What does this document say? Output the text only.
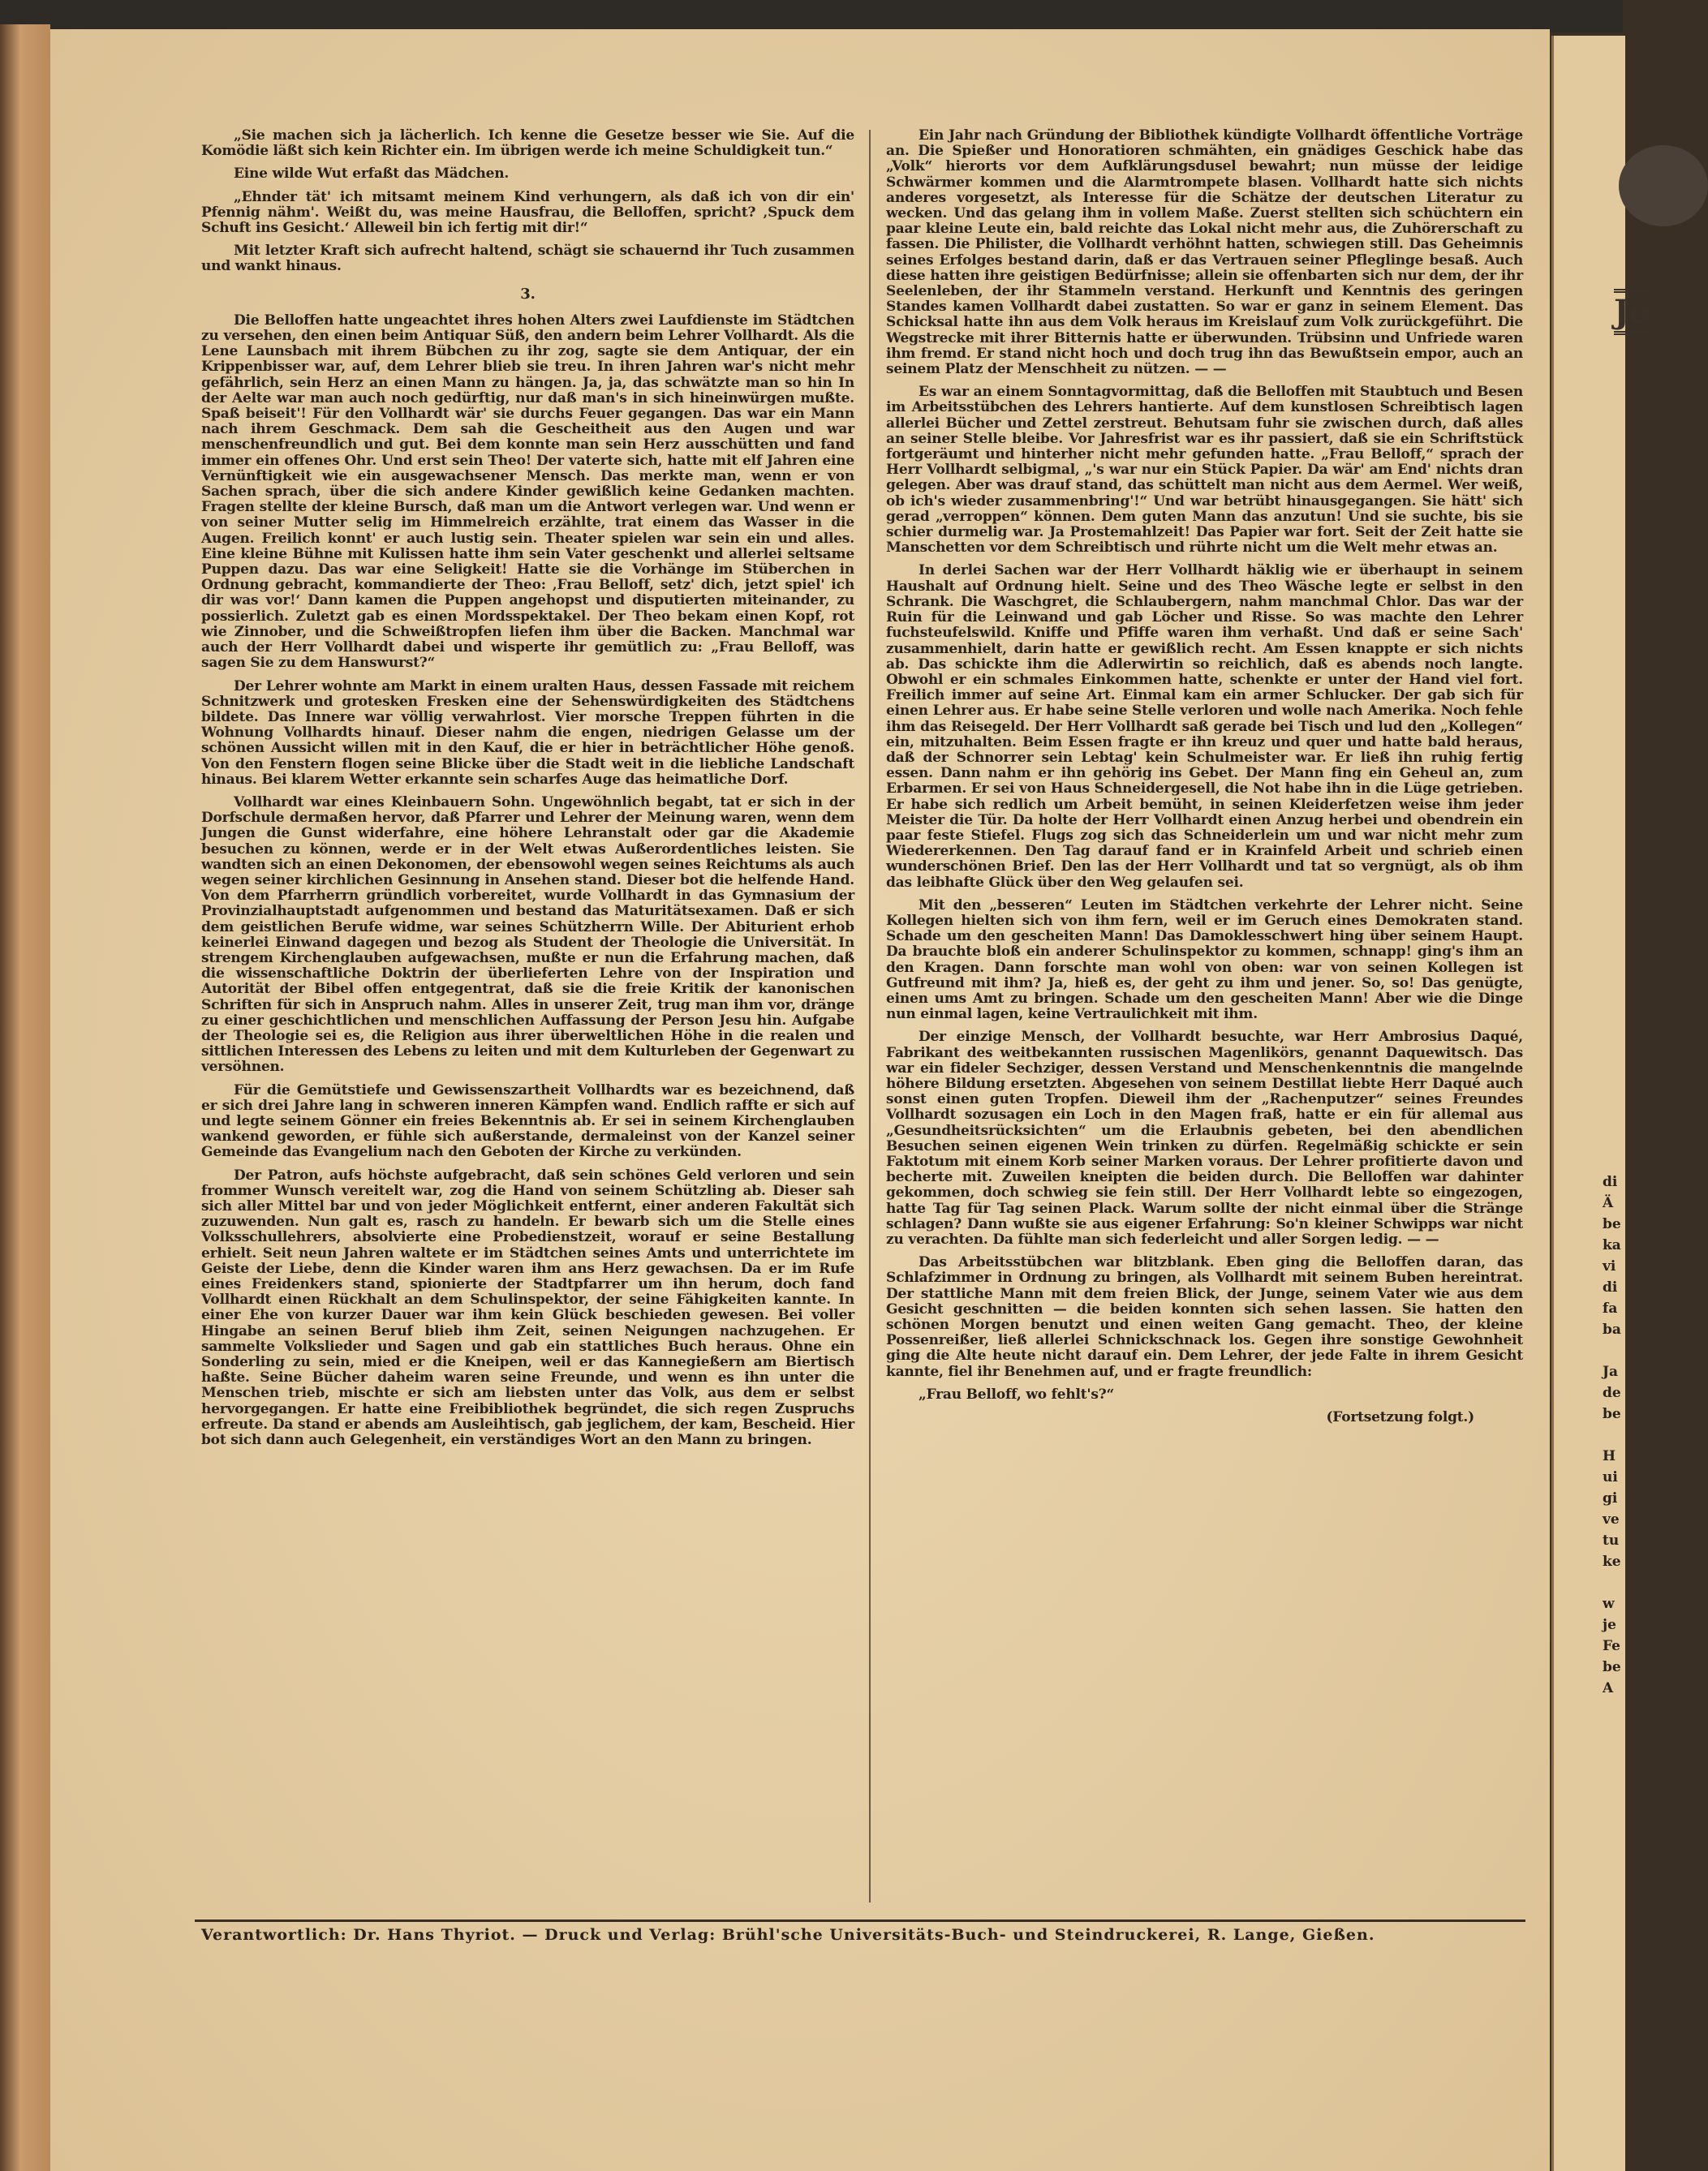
„Sie machen sich ja lächerlich. Ich kenne die Gesetze besser wie Sie. Auf die Komödie läßt sich kein Richter ein. Im übrigen werde ich meine Schuldigkeit tun.“

Eine wilde Wut erfaßt das Mädchen.

„Ehnder tät' ich mitsamt meinem Kind verhungern, als daß ich von dir ein' Pfennig nähm'. Weißt du, was meine Hausfrau, die Belloffen, spricht? ‚Spuck dem Schuft ins Gesicht.‘ Alleweil bin ich fertig mit dir!“

Mit letzter Kraft sich aufrecht haltend, schägt sie schauernd ihr Tuch zusammen und wankt hinaus.

3.

Die Belloffen hatte ungeachtet ihres hohen Alters zwei Laufdienste im Städtchen zu versehen, den einen beim Antiquar Süß, den andern beim Lehrer Vollhardt. Als die Lene Launsbach mit ihrem Bübchen zu ihr zog, sagte sie dem Antiquar, der ein Krippenbisser war, auf, dem Lehrer blieb sie treu. In ihren Jahren war's nicht mehr gefährlich, sein Herz an einen Mann zu hängen. Ja, ja, das schwätzte man so hin In der Aelte war man auch noch gedürftig, nur daß man's in sich hineinwürgen mußte. Spaß beiseit'! Für den Vollhardt wär' sie durchs Feuer gegangen. Das war ein Mann nach ihrem Geschmack. Dem sah die Gescheitheit aus den Augen und war menschenfreundlich und gut. Bei dem konnte man sein Herz ausschütten und fand immer ein offenes Ohr. Und erst sein Theo! Der vaterte sich, hatte mit elf Jahren eine Vernünftigkeit wie ein ausgewachsener Mensch. Das merkte man, wenn er von Sachen sprach, über die sich andere Kinder gewißlich keine Gedanken machten. Fragen stellte der kleine Bursch, daß man um die Antwort verlegen war. Und wenn er von seiner Mutter selig im Himmelreich erzählte, trat einem das Wasser in die Augen. Freilich konnt' er auch lustig sein. Theater spielen war sein ein und alles. Eine kleine Bühne mit Kulissen hatte ihm sein Vater geschenkt und allerlei seltsame Puppen dazu. Das war eine Seligkeit! Hatte sie die Vorhänge im Stüberchen in Ordnung gebracht, kommandierte der Theo: ‚Frau Belloff, setz' dich, jetzt spiel' ich dir was vor!‘ Dann kamen die Puppen angehopst und disputierten miteinander, zu possierlich. Zuletzt gab es einen Mordsspektakel. Der Theo bekam einen Kopf, rot wie Zinnober, und die Schweißtropfen liefen ihm über die Backen. Manchmal war auch der Herr Vollhardt dabei und wisperte ihr gemütlich zu: „Frau Belloff, was sagen Sie zu dem Hanswurst?“

Der Lehrer wohnte am Markt in einem uralten Haus, dessen Fassade mit reichem Schnitzwerk und grotesken Fresken eine der Sehenswürdigkeiten des Städtchens bildete. Das Innere war völlig verwahrlost. Vier morsche Treppen führten in die Wohnung Vollhardts hinauf. Dieser nahm die engen, niedrigen Gelasse um der schönen Aussicht willen mit in den Kauf, die er hier in beträchtlicher Höhe genoß. Von den Fenstern flogen seine Blicke über die Stadt weit in die liebliche Landschaft hinaus. Bei klarem Wetter erkannte sein scharfes Auge das heimatliche Dorf.

Vollhardt war eines Kleinbauern Sohn. Ungewöhnlich begabt, tat er sich in der Dorfschule dermaßen hervor, daß Pfarrer und Lehrer der Meinung waren, wenn dem Jungen die Gunst widerfahre, eine höhere Lehranstalt oder gar die Akademie besuchen zu können, werde er in der Welt etwas Außerordentliches leisten. Sie wandten sich an einen Dekonomen, der ebensowohl wegen seines Reichtums als auch wegen seiner kirchlichen Gesinnung in Ansehen stand. Dieser bot die helfende Hand. Von dem Pfarrherrn gründlich vorbereitet, wurde Vollhardt in das Gymnasium der Provinzialhauptstadt aufgenommen und bestand das Maturitätsexamen. Daß er sich dem geistlichen Berufe widme, war seines Schützherrn Wille. Der Abiturient erhob keinerlei Einwand dagegen und bezog als Student der Theologie die Universität. In strengem Kirchenglauben aufgewachsen, mußte er nun die Erfahrung machen, daß die wissenschaftliche Doktrin der überlieferten Lehre von der Inspiration und Autorität der Bibel offen entgegentrat, daß sie die freie Kritik der kanonischen Schriften für sich in Anspruch nahm. Alles in unserer Zeit, trug man ihm vor, dränge zu einer geschichtlichen und menschlichen Auffassung der Person Jesu hin. Aufgabe der Theologie sei es, die Religion aus ihrer überweltlichen Höhe in die realen und sittlichen Interessen des Lebens zu leiten und mit dem Kulturleben der Gegenwart zu versöhnen.

Für die Gemütstiefe und Gewissenszartheit Vollhardts war es bezeichnend, daß er sich drei Jahre lang in schweren inneren Kämpfen wand. Endlich raffte er sich auf und legte seinem Gönner ein freies Bekenntnis ab. Er sei in seinem Kirchenglauben wankend geworden, er fühle sich außerstande, dermaleinst von der Kanzel seiner Gemeinde das Evangelium nach den Geboten der Kirche zu verkünden.

Der Patron, aufs höchste aufgebracht, daß sein schönes Geld verloren und sein frommer Wunsch vereitelt war, zog die Hand von seinem Schützling ab. Dieser sah sich aller Mittel bar und von jeder Möglichkeit entfernt, einer anderen Fakultät sich zuzuwenden. Nun galt es, rasch zu handeln. Er bewarb sich um die Stelle eines Volksschullehrers, absolvierte eine Probedienstzeit, worauf er seine Bestallung erhielt. Seit neun Jahren waltete er im Städtchen seines Amts und unterrichtete im Geiste der Liebe, denn die Kinder waren ihm ans Herz gewachsen. Da er im Rufe eines Freidenkers stand, spionierte der Stadtpfarrer um ihn herum, doch fand Vollhardt einen Rückhalt an dem Schulinspektor, der seine Fähigkeiten kannte. In einer Ehe von kurzer Dauer war ihm kein Glück beschieden gewesen. Bei voller Hingabe an seinen Beruf blieb ihm Zeit, seinen Neigungen nachzugehen. Er sammelte Volkslieder und Sagen und gab ein stattliches Buch heraus. Ohne ein Sonderling zu sein, mied er die Kneipen, weil er das Kannegießern am Biertisch haßte. Seine Bücher daheim waren seine Freunde, und wenn es ihn unter die Menschen trieb, mischte er sich am liebsten unter das Volk, aus dem er selbst hervorgegangen. Er hatte eine Freibibliothek begründet, die sich regen Zuspruchs erfreute. Da stand er abends am Ausleihtisch, gab jeglichem, der kam, Bescheid. Hier bot sich dann auch Gelegenheit, ein verständiges Wort an den Mann zu bringen.

Ein Jahr nach Gründung der Bibliothek kündigte Vollhardt öffentliche Vorträge an. Die Spießer und Honoratioren schmähten, ein gnädiges Geschick habe das „Volk“ hierorts vor dem Aufklärungsdusel bewahrt; nun müsse der leidige Schwärmer kommen und die Alarmtrompete blasen. Vollhardt hatte sich nichts anderes vorgesetzt, als Interesse für die Schätze der deutschen Literatur zu wecken. Und das gelang ihm in vollem Maße. Zuerst stellten sich schüchtern ein paar kleine Leute ein, bald reichte das Lokal nicht mehr aus, die Zuhörerschaft zu fassen. Die Philister, die Vollhardt verhöhnt hatten, schwiegen still. Das Geheimnis seines Erfolges bestand darin, daß er das Vertrauen seiner Pfleglinge besaß. Auch diese hatten ihre geistigen Bedürfnisse; allein sie offenbarten sich nur dem, der ihr Seelenleben, der ihr Stammeln verstand. Herkunft und Kenntnis des geringen Standes kamen Vollhardt dabei zustatten. So war er ganz in seinem Element. Das Schicksal hatte ihn aus dem Volk heraus im Kreislauf zum Volk zurückgeführt. Die Wegstrecke mit ihrer Bitternis hatte er überwunden. Trübsinn und Unfriede waren ihm fremd. Er stand nicht hoch und doch trug ihn das Bewußtsein empor, auch an seinem Platz der Menschheit zu nützen. — —

Es war an einem Sonntagvormittag, daß die Belloffen mit Staubtuch und Besen im Arbeitsstübchen des Lehrers hantierte. Auf dem kunstlosen Schreibtisch lagen allerlei Bücher und Zettel zerstreut. Behutsam fuhr sie zwischen durch, daß alles an seiner Stelle bleibe. Vor Jahresfrist war es ihr passiert, daß sie ein Schriftstück fortgeräumt und hinterher nicht mehr gefunden hatte. „Frau Belloff,“ sprach der Herr Vollhardt selbigmal, „'s war nur ein Stück Papier. Da wär' am End' nichts dran gelegen. Aber was drauf stand, das schüttelt man nicht aus dem Aermel. Wer weiß, ob ich's wieder zusammenbring'!“ Und war betrübt hinausgegangen. Sie hätt' sich gerad „verroppen“ können. Dem guten Mann das anzutun! Und sie suchte, bis sie schier durmelig war. Ja Prostemahlzeit! Das Papier war fort. Seit der Zeit hatte sie Manschetten vor dem Schreibtisch und rührte nicht um die Welt mehr etwas an.

In derlei Sachen war der Herr Vollhardt häklig wie er überhaupt in seinem Haushalt auf Ordnung hielt. Seine und des Theo Wäsche legte er selbst in den Schrank. Die Waschgret, die Schlaubergern, nahm manchmal Chlor. Das war der Ruin für die Leinwand und gab Löcher und Risse. So was machte den Lehrer fuchsteufelswild. Kniffe und Pfiffe waren ihm verhaßt. Und daß er seine Sach' zusammenhielt, darin hatte er gewißlich recht. Am Essen knappte er sich nichts ab. Das schickte ihm die Adlerwirtin so reichlich, daß es abends noch langte. Obwohl er ein schmales Einkommen hatte, schenkte er unter der Hand viel fort. Freilich immer auf seine Art. Einmal kam ein armer Schlucker. Der gab sich für einen Lehrer aus. Er habe seine Stelle verloren und wolle nach Amerika. Noch fehle ihm das Reisegeld. Der Herr Vollhardt saß gerade bei Tisch und lud den „Kollegen“ ein, mitzuhalten. Beim Essen fragte er ihn kreuz und quer und hatte bald heraus, daß der Schnorrer sein Lebtag' kein Schulmeister war. Er ließ ihn ruhig fertig essen. Dann nahm er ihn gehörig ins Gebet. Der Mann fing ein Geheul an, zum Erbarmen. Er sei von Haus Schneidergesell, die Not habe ihn in die Lüge getrieben. Er habe sich redlich um Arbeit bemüht, in seinen Kleiderfetzen weise ihm jeder Meister die Tür. Da holte der Herr Vollhardt einen Anzug herbei und obendrein ein paar feste Stiefel. Flugs zog sich das Schneiderlein um und war nicht mehr zum Wiedererkennen. Den Tag darauf fand er in Krainfeld Arbeit und schrieb einen wunderschönen Brief. Den las der Herr Vollhardt und tat so vergnügt, als ob ihm das leibhafte Glück über den Weg gelaufen sei.

Mit den „besseren“ Leuten im Städtchen verkehrte der Lehrer nicht. Seine Kollegen hielten sich von ihm fern, weil er im Geruch eines Demokraten stand. Schade um den gescheiten Mann! Das Damoklesschwert hing über seinem Haupt. Da brauchte bloß ein anderer Schulinspektor zu kommen, schnapp! ging's ihm an den Kragen. Dann forschte man wohl von oben: war von seinen Kollegen ist Gutfreund mit ihm? Ja, hieß es, der geht zu ihm und jener. So, so! Das genügte, einen ums Amt zu bringen. Schade um den gescheiten Mann! Aber wie die Dinge nun einmal lagen, keine Vertraulichkeit mit ihm.

Der einzige Mensch, der Vollhardt besuchte, war Herr Ambrosius Daqué, Fabrikant des weitbekannten russischen Magenlikörs, genannt Daquewitsch. Das war ein fideler Sechziger, dessen Verstand und Menschenkenntnis die mangelnde höhere Bildung ersetzten. Abgesehen von seinem Destillat liebte Herr Daqué auch sonst einen guten Tropfen. Dieweil ihm der „Rachenputzer“ seines Freundes Vollhardt sozusagen ein Loch in den Magen fraß, hatte er ein für allemal aus „Gesundheitsrücksichten“ um die Erlaubnis gebeten, bei den abendlichen Besuchen seinen eigenen Wein trinken zu dürfen. Regelmäßig schickte er sein Faktotum mit einem Korb seiner Marken voraus. Der Lehrer profitierte davon und becherte mit. Zuweilen kneipten die beiden durch. Die Belloffen war dahinter gekommen, doch schwieg sie fein still. Der Herr Vollhardt lebte so eingezogen, hatte Tag für Tag seinen Plack. Warum sollte der nicht einmal über die Stränge schlagen? Dann wußte sie aus eigener Erfahrung: So'n kleiner Schwipps war nicht zu verachten. Da fühlte man sich federleicht und aller Sorgen ledig. — —

Das Arbeitsstübchen war blitzblank. Eben ging die Belloffen daran, das Schlafzimmer in Ordnung zu bringen, als Vollhardt mit seinem Buben hereintrat. Der stattliche Mann mit dem freien Blick, der Junge, seinem Vater wie aus dem Gesicht geschnitten — die beiden konnten sich sehen lassen. Sie hatten den schönen Morgen benutzt und einen weiten Gang gemacht. Theo, der kleine Possenreißer, ließ allerlei Schnickschnack los. Gegen ihre sonstige Gewohnheit ging die Alte heute nicht darauf ein. Dem Lehrer, der jede Falte in ihrem Gesicht kannte, fiel ihr Benehmen auf, und er fragte freundlich:

„Frau Belloff, wo fehlt's?“

(Fortsetzung folgt.)

Verantwortlich: Dr. Hans Thyriot. — Druck und Verlag: Brühl'sche Universitäts-Buch- und Steindruckerei, R. Lange, Gießen.
Jo
di
Ä
be
ka
vi
di
fa
ba

Ja
de
be

H
ui
gi
ve
tu
ke

w
je
Fe
be
A
